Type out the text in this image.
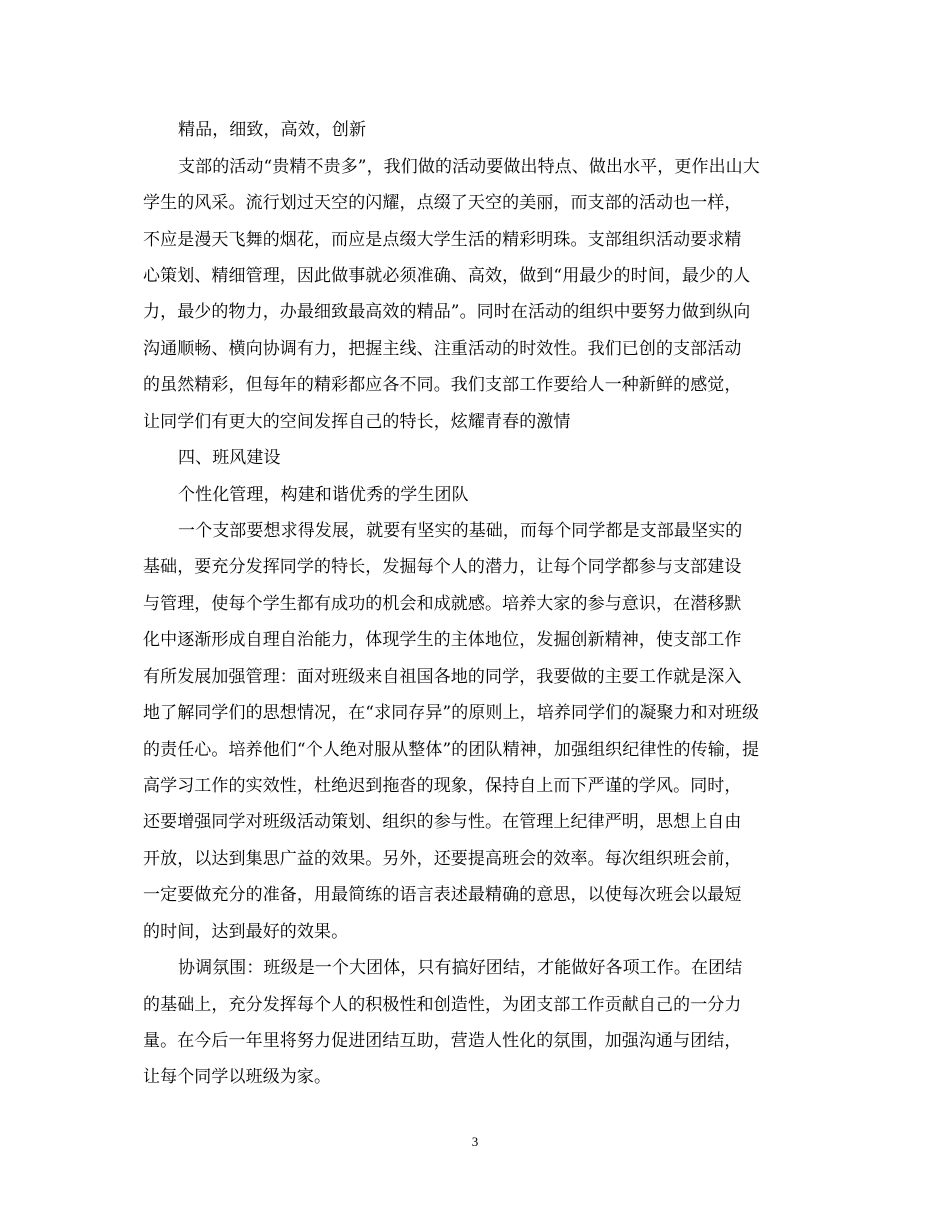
精品，细致，高效，创新
支部的活动“贵精不贵多”，我们做的活动要做出特点、做出水平，更作出山大
学生的风采。流行划过天空的闪耀，点缀了天空的美丽，而支部的活动也一样，
不应是漫天飞舞的烟花，而应是点缀大学生活的精彩明珠。支部组织活动要求精
心策划、精细管理，因此做事就必须准确、高效，做到“用最少的时间，最少的人
力，最少的物力，办最细致最高效的精品”。同时在活动的组织中要努力做到纵向
沟通顺畅、横向协调有力，把握主线、注重活动的时效性。我们已创的支部活动
的虽然精彩，但每年的精彩都应各不同。我们支部工作要给人一种新鲜的感觉，
让同学们有更大的空间发挥自己的特长，炫耀青春的激情
四、班风建设
个性化管理，构建和谐优秀的学生团队
一个支部要想求得发展，就要有坚实的基础，而每个同学都是支部最坚实的
基础，要充分发挥同学的特长，发掘每个人的潜力，让每个同学都参与支部建设
与管理，使每个学生都有成功的机会和成就感。培养大家的参与意识，在潜移默
化中逐渐形成自理自治能力，体现学生的主体地位，发掘创新精神，使支部工作
有所发展加强管理：面对班级来自祖国各地的同学，我要做的主要工作就是深入
地了解同学们的思想情况，在“求同存异”的原则上，培养同学们的凝聚力和对班级
的责任心。培养他们“个人绝对服从整体”的团队精神，加强组织纪律性的传输，提
高学习工作的实效性，杜绝迟到拖沓的现象，保持自上而下严谨的学风。同时，
还要增强同学对班级活动策划、组织的参与性。在管理上纪律严明，思想上自由
开放，以达到集思广益的效果。另外，还要提高班会的效率。每次组织班会前，
一定要做充分的准备，用最简练的语言表述最精确的意思，以使每次班会以最短
的时间，达到最好的效果。
协调氛围：班级是一个大团体，只有搞好团结，才能做好各项工作。在团结
的基础上，充分发挥每个人的积极性和创造性，为团支部工作贡献自己的一分力
量。在今后一年里将努力促进团结互助，营造人性化的氛围，加强沟通与团结，
让每个同学以班级为家。
3
